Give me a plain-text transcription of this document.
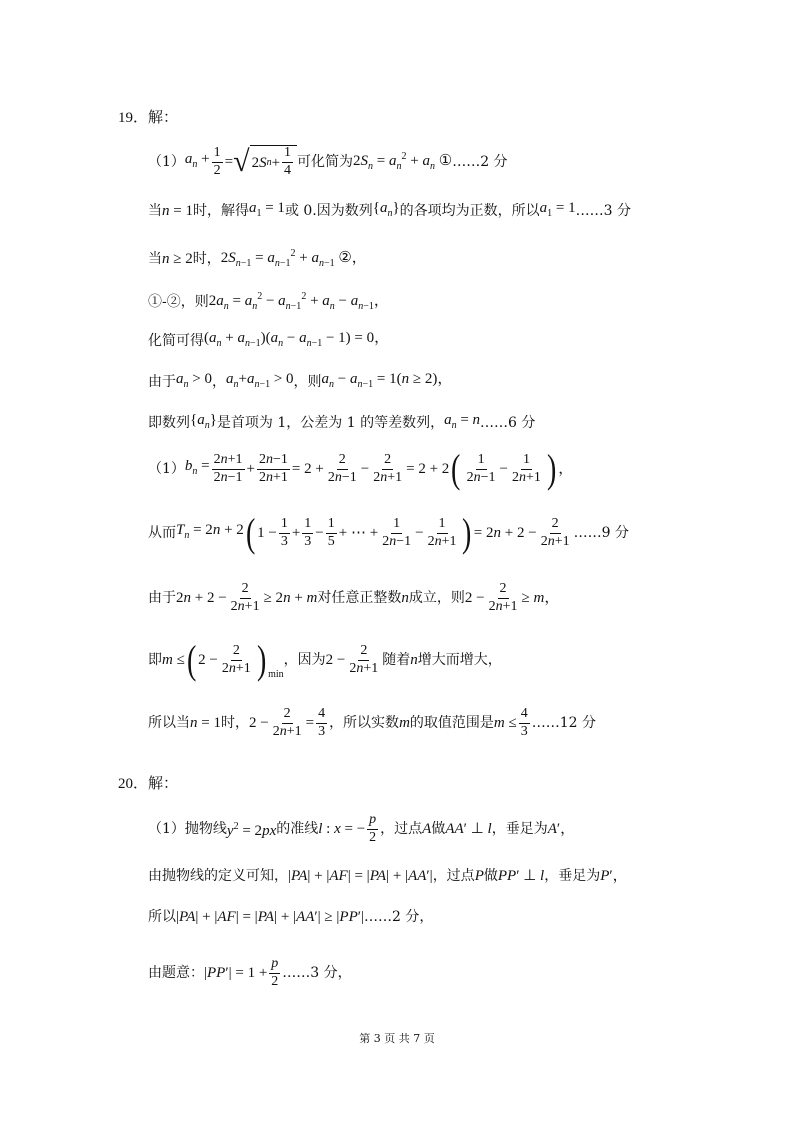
19．解：
（1） $a_n + \frac{1}{2}$ = √ 2 S $n + \frac{1}{4}$ 可化简为 $2S_n = a_n^2 + a_n$ ① ……2 分
当 n = 1 时，解得 $a_1 = 1$ 或 0.因为数列 $\{a_n\}$ 的各项均为正数，所以 $a_1 = 1$ ……3 分
当 n ≥ 2 时， $2S_{n-1} = a_{n-1}^2 + a_{n-1}$ ②，
①-②，则 $2a_n = a_n^2 - a_{n-1}^2 + a_n - a_{n-1}$，
化简可得 $(a_n + a_{n-1})(a_n - a_{n-1} - 1) = 0$，
由于 $a_n > 0$ ， $a_n+a_{n-1} > 0$ ，则 $a_n - a_{n-1} = 1(n \ge 2)$，
即数列 $\{a_n\}$ 是首项为 1，公差为 1 的等差数列， $a_n = n$ ……6 分
（1） $b_n = \frac{2n+1}{2n-1} + \frac{2n-1}{2n+1} = 2 + \frac{2}{2n-1} - \frac{2}{2n+1} = 2 + 2$ ( $\frac{1}{2n-1} - \frac{1}{2n+1}$ ) ，
从而 $T_n = 2n + 2$ ( $1 - \frac{1}{3} + \frac{1}{3} - \frac{1}{5}$ + ⋯ + $\frac{1}{2n-1} - \frac{1}{2n+1}$ ) = $2n + 2 - \frac{2}{2n+1}$ ……9 分
由于 $2n + 2 - \frac{2}{2n+1} \ge 2n + m$ 对任意正整数 n 成立，则 $2 - \frac{2}{2n+1} \ge m$，
即 m ≤ ( $2 - \frac{2}{2n+1}$ ) min
，因为 $2 - \frac{2}{2n+1}$ 随着 n 增大而增大，
所以当 n = 1 时， $2 - \frac{2}{2n+1} = \frac{4}{3}$ ，所以实数 m 的取值范围是 $m \le \frac{4}{3}$ ……12 分
20．解：
（1）抛物线 $y^2 = 2px$ 的准线 l : x = − $\frac{p}{2}$ ，过点 A 做 AA′ ⊥ l ，垂足为 A′，
由抛物线的定义可知， |PA| + |AF| = |PA| + |AA′| ，过点 P 做 PP′ ⊥ l ，垂足为 P′，
所以 |PA| + |AF| = |PA| + |AA′| ≥ |PP′| ……2 分，
由题意： $|PP'| = 1 + \frac{p}{2}$ ……3 分，
第 3 页 共 7 页
